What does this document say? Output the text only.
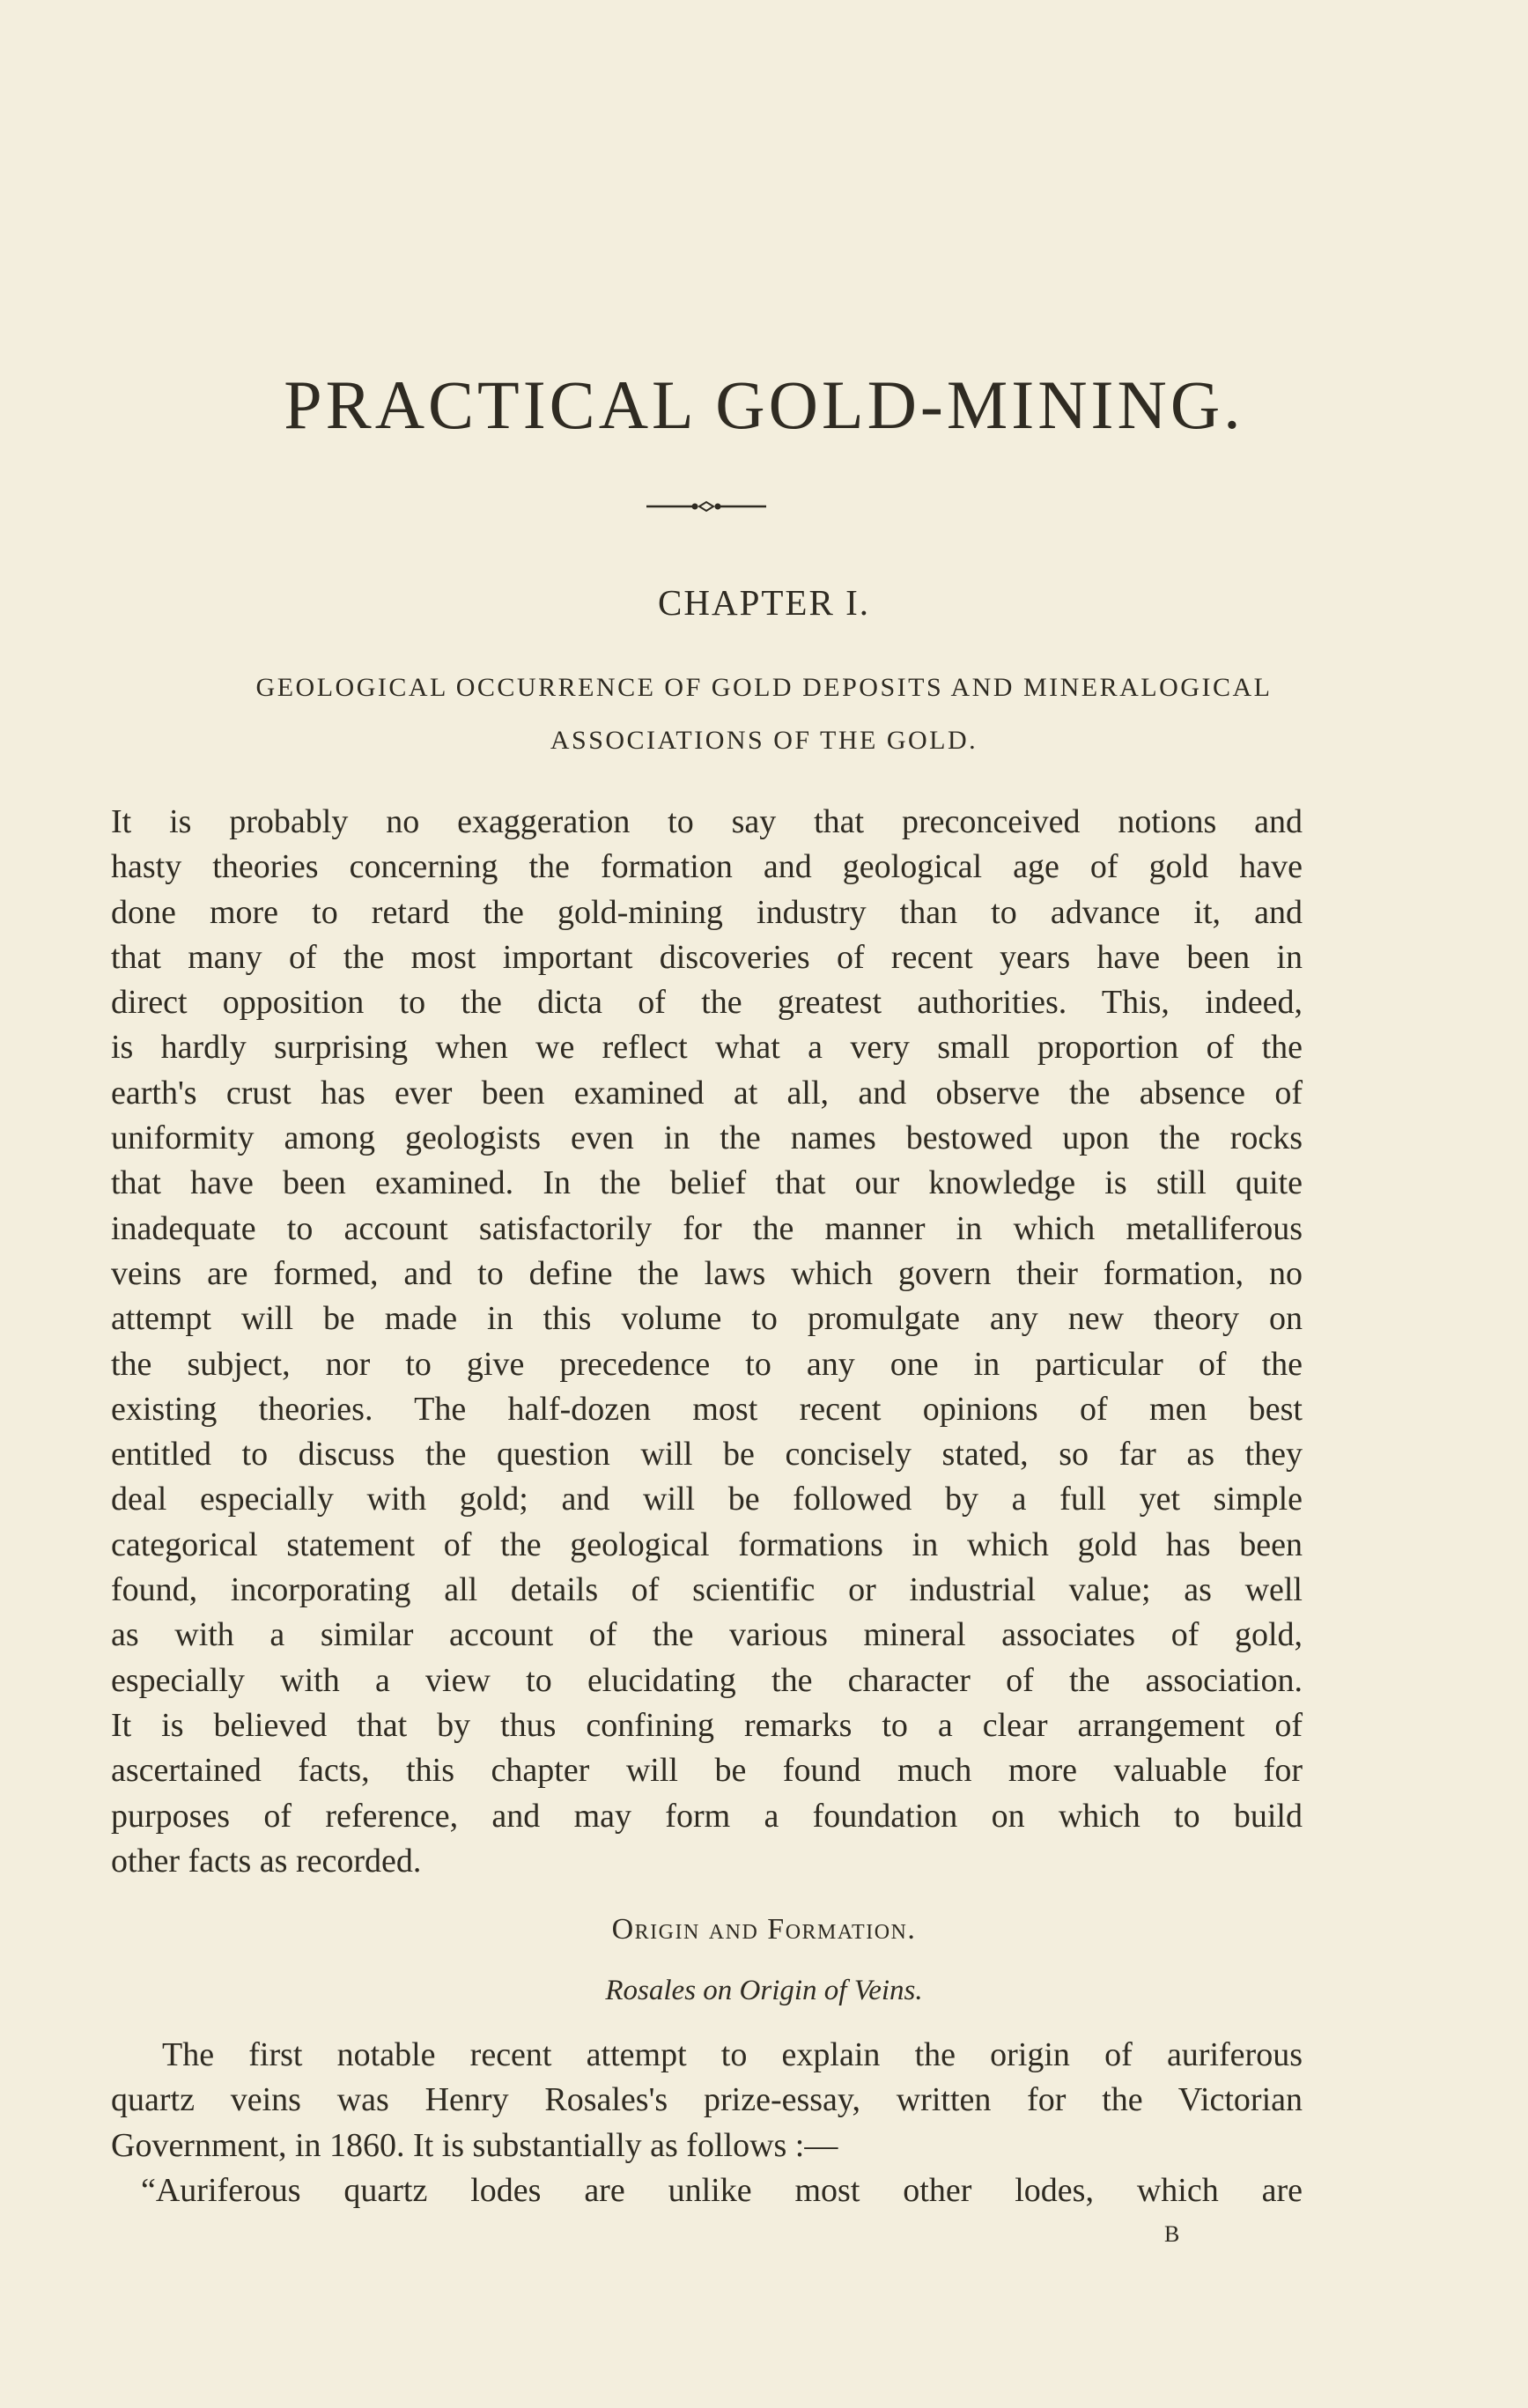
PRACTICAL GOLD-MINING.
CHAPTER I.
GEOLOGICAL OCCURRENCE OF GOLD DEPOSITS AND MINERALOGICAL
ASSOCIATIONS OF THE GOLD.
It is probably no exaggeration to say that preconceived notions and
hasty theories concerning the formation and geological age of gold have
done more to retard the gold-mining industry than to advance it, and
that many of the most important discoveries of recent years have been in
direct opposition to the dicta of the greatest authorities. This, indeed,
is hardly surprising when we reflect what a very small proportion of the
earth's crust has ever been examined at all, and observe the absence of
uniformity among geologists even in the names bestowed upon the rocks
that have been examined. In the belief that our knowledge is still quite
inadequate to account satisfactorily for the manner in which metalliferous
veins are formed, and to define the laws which govern their formation, no
attempt will be made in this volume to promulgate any new theory on
the subject, nor to give precedence to any one in particular of the
existing theories. The half-dozen most recent opinions of men best
entitled to discuss the question will be concisely stated, so far as they
deal especially with gold; and will be followed by a full yet simple
categorical statement of the geological formations in which gold has been
found, incorporating all details of scientific or industrial value; as well
as with a similar account of the various mineral associates of gold,
especially with a view to elucidating the character of the association.
It is believed that by thus confining remarks to a clear arrangement of
ascertained facts, this chapter will be found much more valuable for
purposes of reference, and may form a foundation on which to build
other facts as recorded.
Origin and Formation.
Rosales on Origin of Veins.
The first notable recent attempt to explain the origin of auriferous
quartz veins was Henry Rosales's prize-essay, written for the Victorian
Government, in 1860. It is substantially as follows :—
“Auriferous quartz lodes are unlike most other lodes, which are
B
